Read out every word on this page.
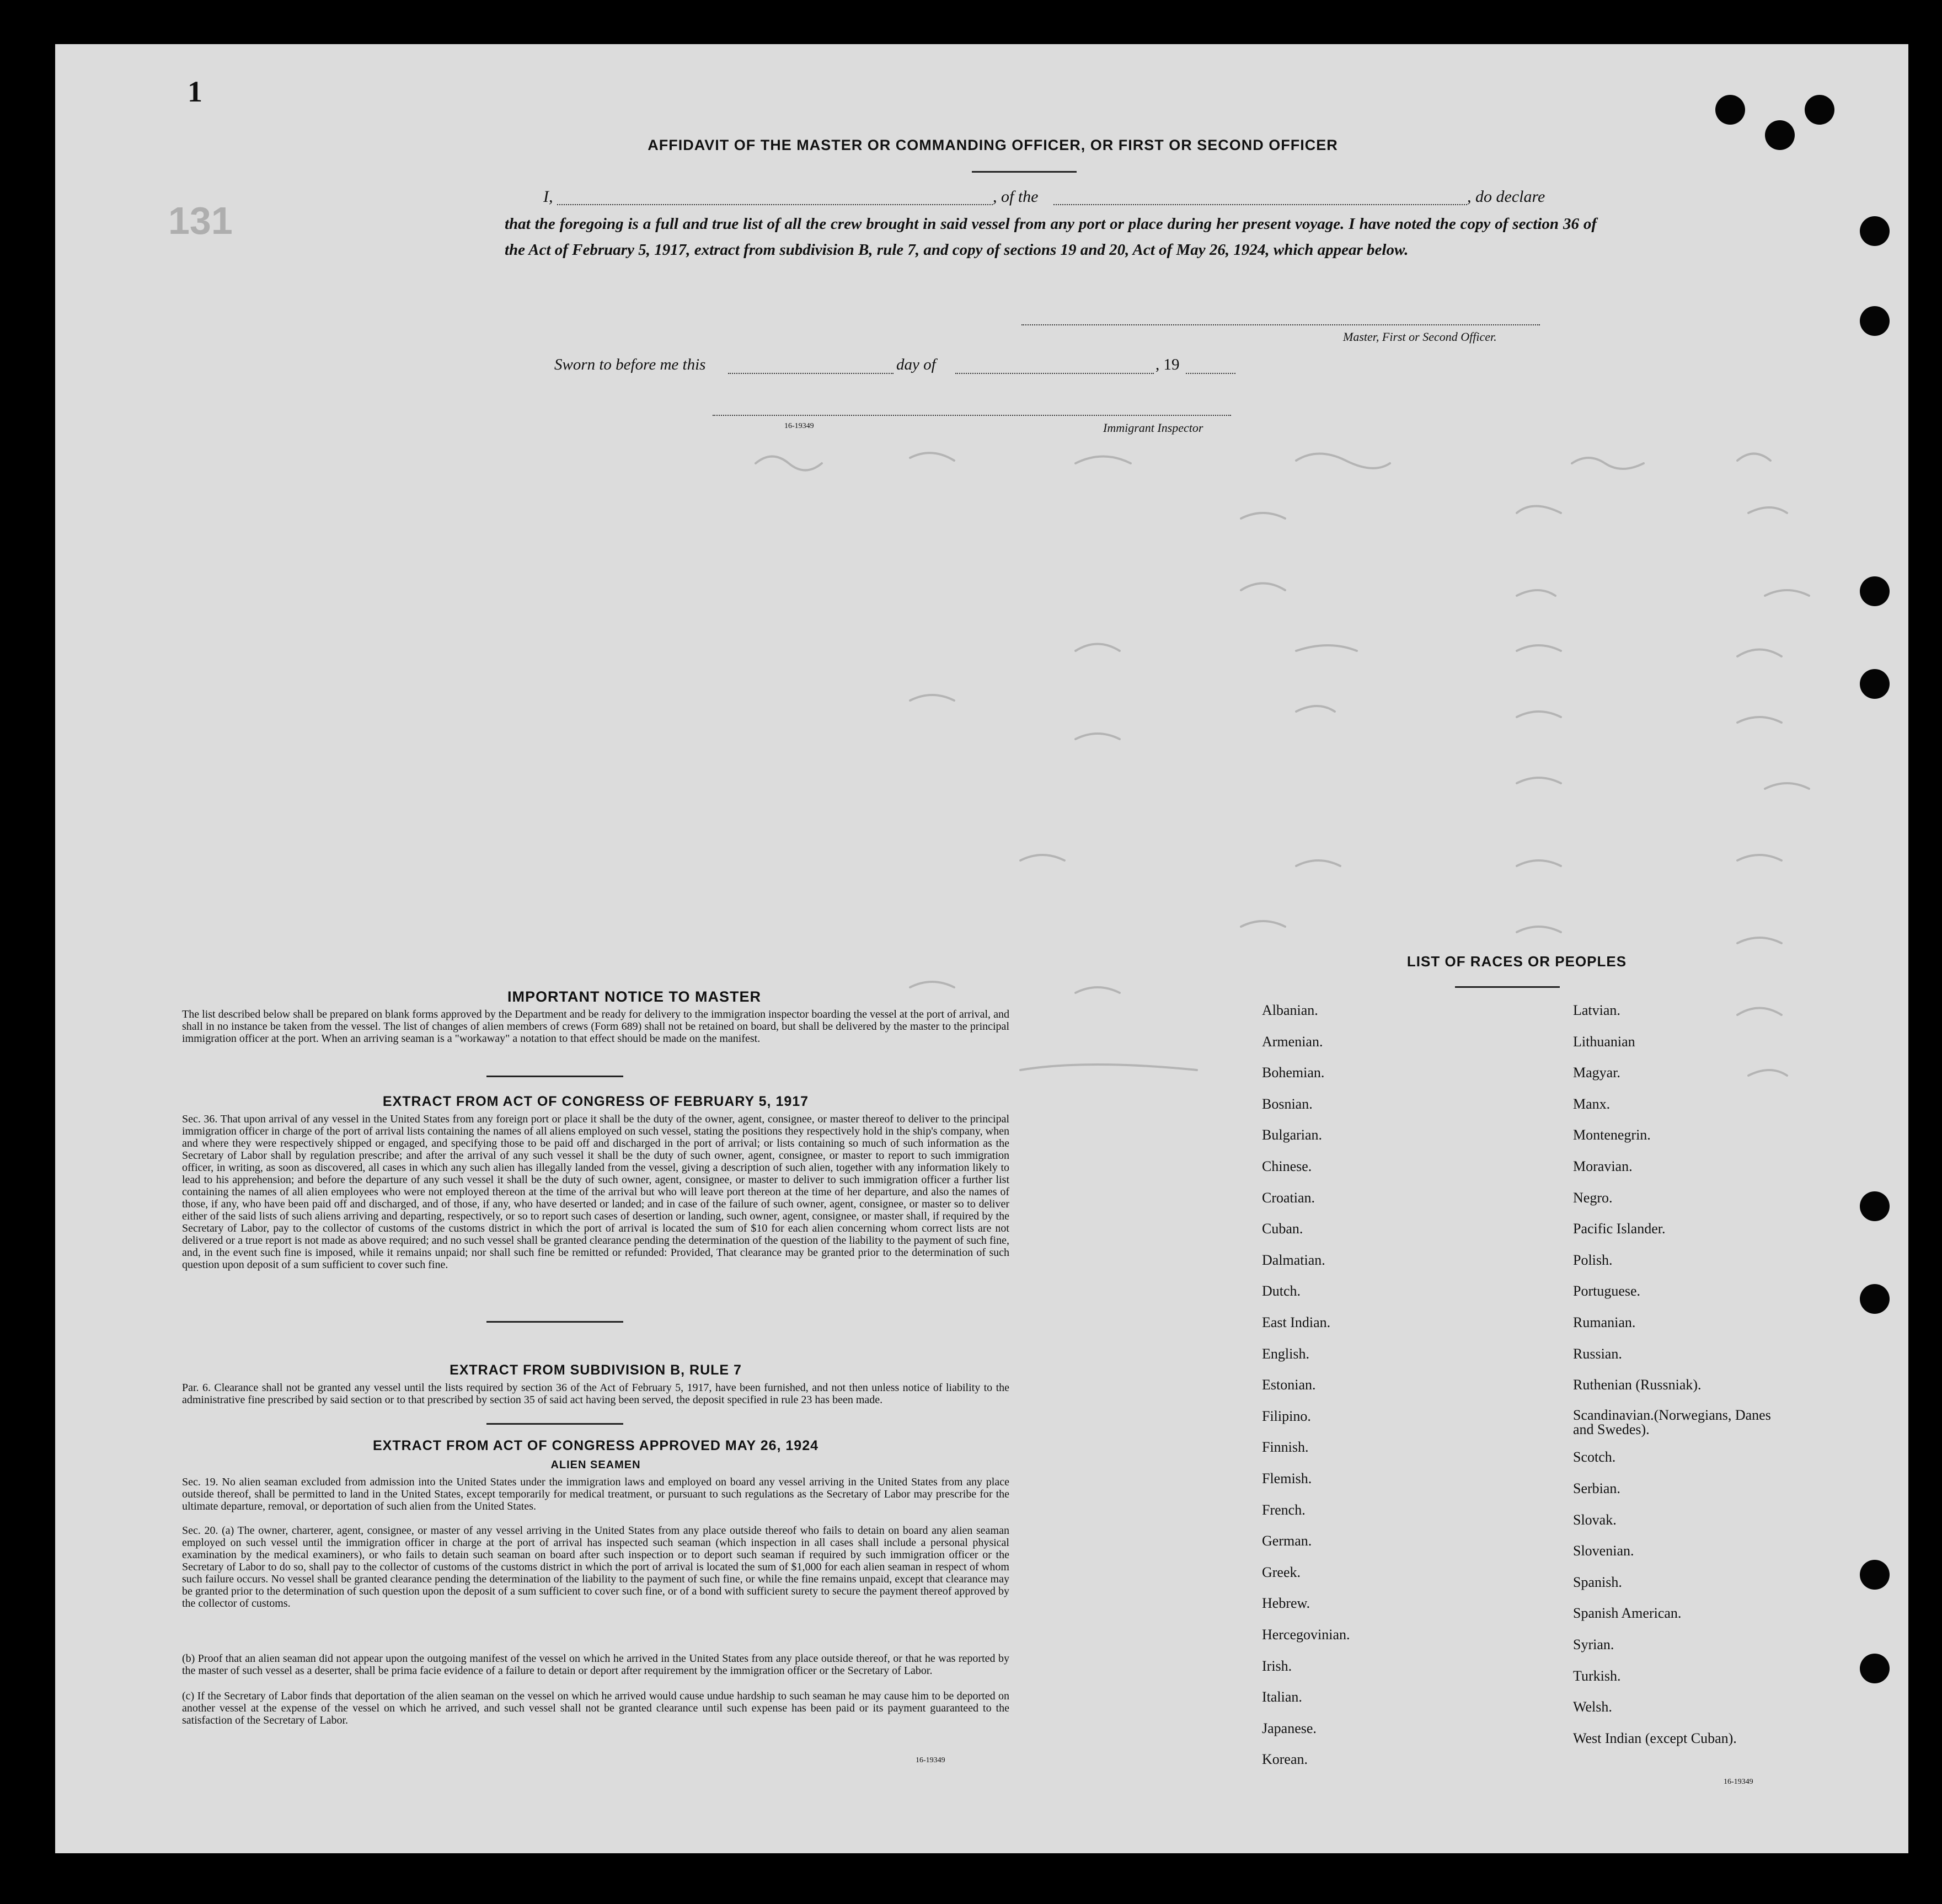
1
131
AFFIDAVIT OF THE MASTER OR COMMANDING OFFICER, OR FIRST OR SECOND OFFICER
I,	, of the	, do declare
that the foregoing is a full and true list of all the crew brought in said vessel from any port or place during her present voyage. I have noted the copy of section 36 of the Act of February 5, 1917, extract from subdivision B, rule 7, and copy of sections 19 and 20, Act of May 26, 1924, which appear below.
Master, First or Second Officer.
Sworn to before me this	day of	, 19
16-19349	Immigrant Inspector
IMPORTANT NOTICE TO MASTER
The list described below shall be prepared on blank forms approved by the Department and be ready for delivery to the immigration inspector boarding the vessel at the port of arrival, and shall in no instance be taken from the vessel. The list of changes of alien members of crews (Form 689) shall not be retained on board, but shall be delivered by the master to the principal immigration officer at the port. When an arriving seaman is a "workaway" a notation to that effect should be made on the manifest.
EXTRACT FROM ACT OF CONGRESS OF FEBRUARY 5, 1917
Sec. 36. That upon arrival of any vessel in the United States from any foreign port or place it shall be the duty of the owner, agent, consignee, or master thereof to deliver to the principal immigration officer in charge of the port of arrival lists containing the names of all aliens employed on such vessel, stating the positions they respectively hold in the ship's company, when and where they were respectively shipped or engaged, and specifying those to be paid off and discharged in the port of arrival; or lists containing so much of such information as the Secretary of Labor shall by regulation prescribe; and after the arrival of any such vessel it shall be the duty of such owner, agent, consignee, or master to report to such immigration officer, in writing, as soon as discovered, all cases in which any such alien has illegally landed from the vessel, giving a description of such alien, together with any information likely to lead to his apprehension; and before the departure of any such vessel it shall be the duty of such owner, agent, consignee, or master to deliver to such immigration officer a further list containing the names of all alien employees who were not employed thereon at the time of the arrival but who will leave port thereon at the time of her departure, and also the names of those, if any, who have been paid off and discharged, and of those, if any, who have deserted or landed; and in case of the failure of such owner, agent, consignee, or master so to deliver either of the said lists of such aliens arriving and departing, respectively, or so to report such cases of desertion or landing, such owner, agent, consignee, or master shall, if required by the Secretary of Labor, pay to the collector of customs of the customs district in which the port of arrival is located the sum of $10 for each alien concerning whom correct lists are not delivered or a true report is not made as above required; and no such vessel shall be granted clearance pending the determination of the question of the liability to the payment of such fine, and, in the event such fine is imposed, while it remains unpaid; nor shall such fine be remitted or refunded: Provided, That clearance may be granted prior to the determination of such question upon deposit of a sum sufficient to cover such fine.
EXTRACT FROM SUBDIVISION B, RULE 7
Par. 6. Clearance shall not be granted any vessel until the lists required by section 36 of the Act of February 5, 1917, have been furnished, and not then unless notice of liability to the administrative fine prescribed by said section or to that prescribed by section 35 of said act having been served, the deposit specified in rule 23 has been made.
EXTRACT FROM ACT OF CONGRESS APPROVED MAY 26, 1924
ALIEN SEAMEN
Sec. 19. No alien seaman excluded from admission into the United States under the immigration laws and employed on board any vessel arriving in the United States from any place outside thereof, shall be permitted to land in the United States, except temporarily for medical treatment, or pursuant to such regulations as the Secretary of Labor may prescribe for the ultimate departure, removal, or deportation of such alien from the United States.
Sec. 20. (a) The owner, charterer, agent, consignee, or master of any vessel arriving in the United States from any place outside thereof who fails to detain on board any alien seaman employed on such vessel until the immigration officer in charge at the port of arrival has inspected such seaman (which inspection in all cases shall include a personal physical examination by the medical examiners), or who fails to detain such seaman on board after such inspection or to deport such seaman if required by such immigration officer or the Secretary of Labor to do so, shall pay to the collector of customs of the customs district in which the port of arrival is located the sum of $1,000 for each alien seaman in respect of whom such failure occurs. No vessel shall be granted clearance pending the determination of the liability to the payment of such fine, or while the fine remains unpaid, except that clearance may be granted prior to the determination of such question upon the deposit of a sum sufficient to cover such fine, or of a bond with sufficient surety to secure the payment thereof approved by the collector of customs.
(b) Proof that an alien seaman did not appear upon the outgoing manifest of the vessel on which he arrived in the United States from any place outside thereof, or that he was reported by the master of such vessel as a deserter, shall be prima facie evidence of a failure to detain or deport after requirement by the immigration officer or the Secretary of Labor.
(c) If the Secretary of Labor finds that deportation of the alien seaman on the vessel on which he arrived would cause undue hardship to such seaman he may cause him to be deported on another vessel at the expense of the vessel on which he arrived, and such vessel shall not be granted clearance until such expense has been paid or its payment guaranteed to the satisfaction of the Secretary of Labor.
16-19349
LIST OF RACES OR PEOPLES
16-19349
Albanian.
Armenian.
Bohemian.
Bosnian.
Bulgarian.
Chinese.
Croatian.
Cuban.
Dalmatian.
Dutch.
East Indian.
English.
Estonian.
Filipino.
Finnish.
Flemish.
French.
German.
Greek.
Hebrew.
Hercegovinian.
Irish.
Italian.
Japanese.
Korean.
Latvian.
Lithuanian
Magyar.
Manx.
Montenegrin.
Moravian.
Negro.
Pacific Islander.
Polish.
Portuguese.
Rumanian.
Russian.
Ruthenian (Russniak).
Scandinavian.(Norwegians, Danes and Swedes).
Scotch.
Serbian.
Slovak.
Slovenian.
Spanish.
Spanish American.
Syrian.
Turkish.
Welsh.
West Indian (except Cuban).
